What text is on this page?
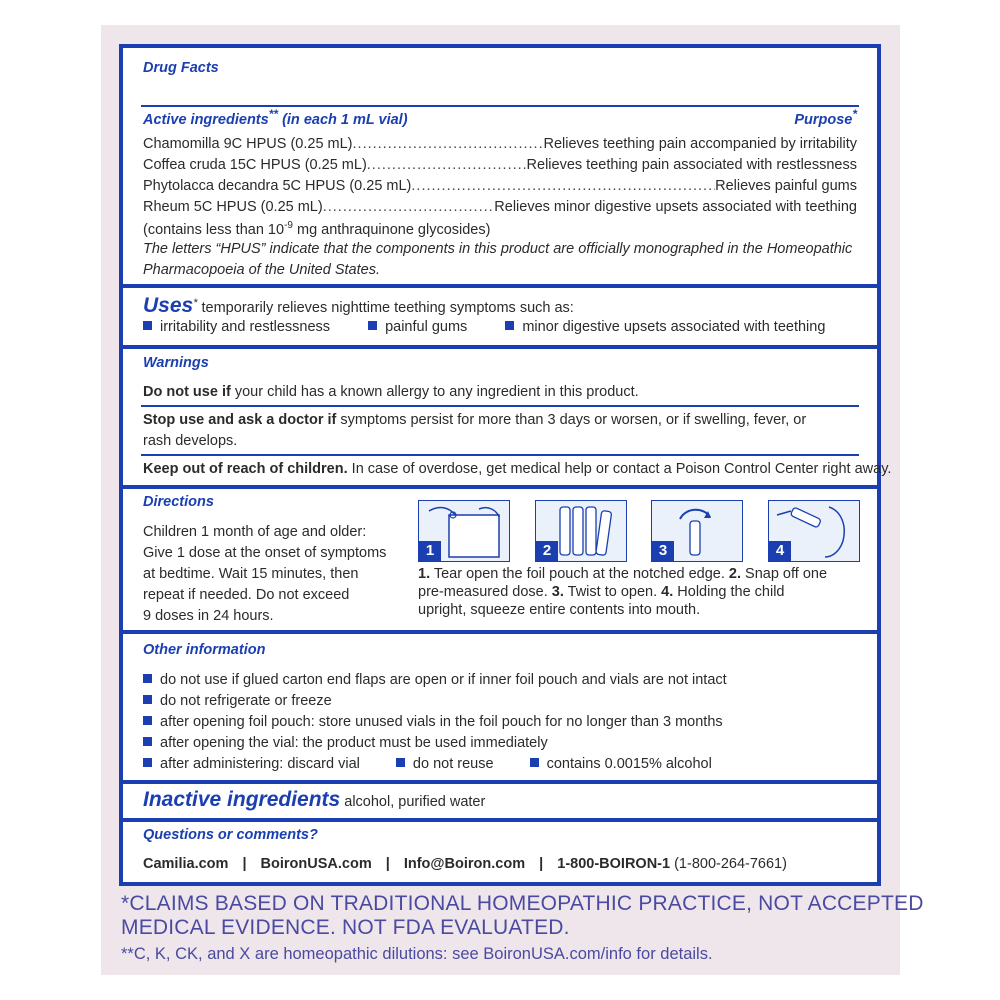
Drug Facts
Active ingredients** (in each 1 mL vial)	Purpose*
Chamomilla 9C HPUS (0.25 mL) .....	Relieves teething pain accompanied by irritability
Coffea cruda 15C HPUS (0.25 mL) .....	Relieves teething pain associated with restlessness
Phytolacca decandra 5C HPUS (0.25 mL) .....	Relieves painful gums
Rheum 5C HPUS (0.25 mL) .....	Relieves minor digestive upsets associated with teething
(contains less than $10^{-9}$ mg anthraquinone glycosides)
The letters “HPUS” indicate that the components in this product are officially monographed in the Homeopathic
Pharmacopoeia of the United States.
Uses* temporarily relieves nighttime teething symptoms such as:
irritability and restlessness	painful gums	minor digestive upsets associated with teething
Warnings
Do not use if your child has a known allergy to any ingredient in this product.
Stop use and ask a doctor if symptoms persist for more than 3 days or worsen, or if swelling, fever, or
rash develops.
Keep out of reach of children. In case of overdose, get medical help or contact a Poison Control Center right away.
Directions
Children 1 month of age and older:
Give 1 dose at the onset of symptoms
at bedtime. Wait 15 minutes, then
repeat if needed. Do not exceed
9 doses in 24 hours.
1	2	3	4
1. Tear open the foil pouch at the notched edge. 2. Snap off one
pre-measured dose. 3. Twist to open. 4. Holding the child
upright, squeeze entire contents into mouth.
Other information
do not use if glued carton end flaps are open or if inner foil pouch and vials are not intact
do not refrigerate or freeze
after opening foil pouch: store unused vials in the foil pouch for no longer than 3 months
after opening the vial: the product must be used immediately
after administering: discard vial	do not reuse	contains 0.0015% alcohol
Inactive ingredients alcohol, purified water
Questions or comments?
Camilia.com | BoironUSA.com | Info@Boiron.com | 1-800-BOIRON-1 (1-800-264-7661)
*CLAIMS BASED ON TRADITIONAL HOMEOPATHIC PRACTICE, NOT ACCEPTED
MEDICAL EVIDENCE. NOT FDA EVALUATED.
**C, K, CK, and X are homeopathic dilutions: see BoironUSA.com/info for details.
